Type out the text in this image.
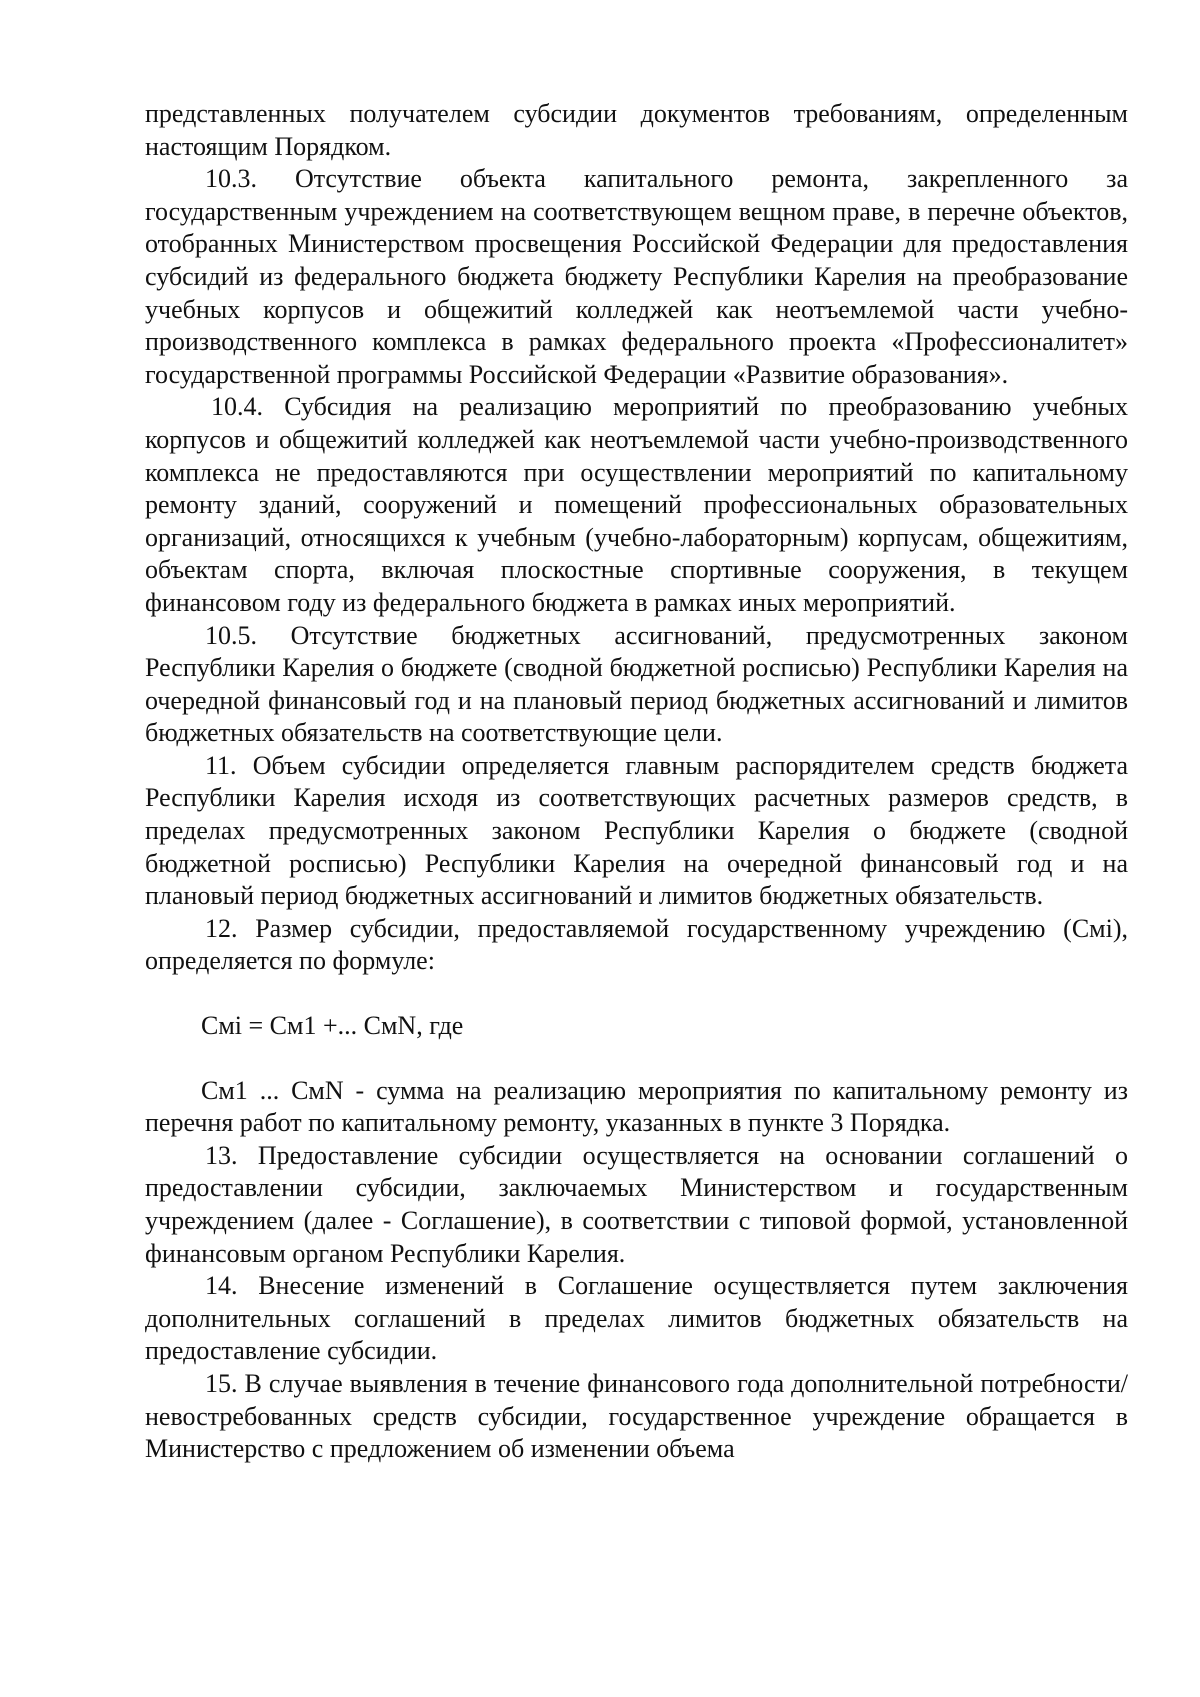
представленных получателем субсидии документов требованиям, определенным настоящим Порядком.

10.3. Отсутствие объекта капитального ремонта, закрепленного за государственным учреждением на соответствующем вещном праве, в перечне объектов, отобранных Министерством просвещения Российской Федерации для предоставления субсидий из федерального бюджета бюджету Республики Карелия на преобразование учебных корпусов и общежитий колледжей как неотъемлемой части учебно-производственного комплекса в рамках федерального проекта «Профессионалитет» государственной программы Российской Федерации «Развитие образования».

10.4. Субсидия на реализацию мероприятий по преобразованию учебных корпусов и общежитий колледжей как неотъемлемой части учебно-производственного комплекса не предоставляются при осуществлении мероприятий по капитальному ремонту зданий, сооружений и помещений профессиональных образовательных организаций, относящихся к учебным (учебно-лабораторным) корпусам, общежитиям, объектам спорта, включая плоскостные спортивные сооружения, в текущем финансовом году из федерального бюджета в рамках иных мероприятий.

10.5. Отсутствие бюджетных ассигнований, предусмотренных законом Республики Карелия о бюджете (сводной бюджетной росписью) Республики Карелия на очередной финансовый год и на плановый период бюджетных ассигнований и лимитов бюджетных обязательств на соответствующие цели.

11. Объем субсидии определяется главным распорядителем средств бюджета Республики Карелия исходя из соответствующих расчетных размеров средств, в пределах предусмотренных законом Республики Карелия о бюджете (сводной бюджетной росписью) Республики Карелия на очередной финансовый год и на плановый период бюджетных ассигнований и лимитов бюджетных обязательств.

12. Размер субсидии, предоставляемой государственному учреждению (Смi), определяется по формуле:

Смi = См1 +... СмN, где

См1 ... СмN - сумма на реализацию мероприятия по капитальному ремонту из перечня работ по капитальному ремонту, указанных в пункте 3 Порядка.

13. Предоставление субсидии осуществляется на основании соглашений о предоставлении субсидии, заключаемых Министерством и государственным учреждением (далее - Соглашение), в соответствии с типовой формой, установленной финансовым органом Республики Карелия.

14. Внесение изменений в Соглашение осуществляется путем заключения дополнительных соглашений в пределах лимитов бюджетных обязательств на предоставление субсидии.

15. В случае выявления в течение финансового года дополнительной потребности/невостребованных средств субсидии, государственное учреждение обращается в Министерство с предложением об изменении объема
